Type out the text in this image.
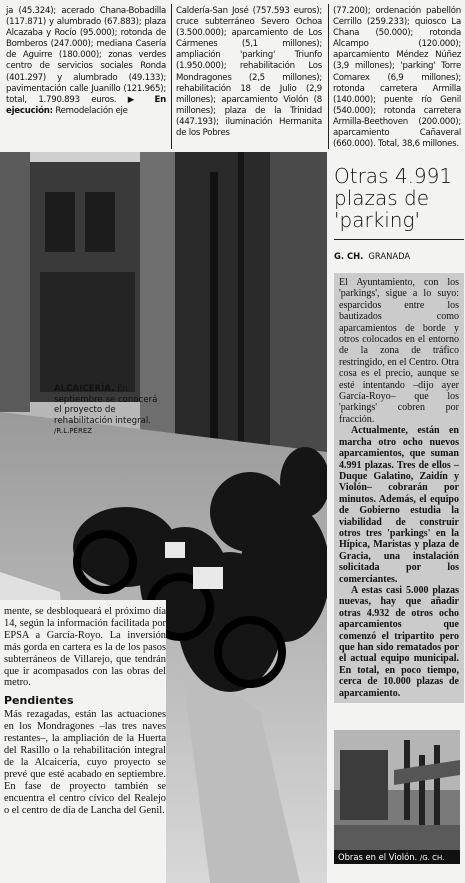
ja (45.324); acerado Chana-Bobadilla (117.871) y alumbrado (67.883); plaza Alcazaba y Rocío (95.000); rotonda de Bomberos (247.000); mediana Casería de Aguirre (180.000); zonas verdes centro de servicios sociales Ronda (401.297) y alumbrado (49.133); pavimentación calle Juanillo (121.965); total, 1.790.893 euros. ▶ En ejecución: Remodelación eje
Caldería-San José (757.593 euros); cruce subterráneo Severo Ochoa (3.500.000); aparcamiento de Los Cármenes (5,1 millones); ampliación 'parking' Triunfo (1.950.000); rehabilitación Los Mondragones (2,5 millones); rehabilitación 18 de Julio (2,9 millones); aparcamiento Violón (8 millones); plaza de la Trinidad (447.193); iluminación Hermanita de los Pobres
(77.200); ordenación pabellón Cerrillo (259.233); quiosco La Chana (50.000); rotonda Alcampo (120.000); aparcamiento Méndez Núñez (3,9 millones); 'parking' Torre Comarex (6,9 millones); rotonda carretera Armilla (140.000); puente río Genil (540.000); rotonda carretera Armilla-Beethoven (200.000); aparcamiento Cañaveral (660.000). Total, 38,6 millones.
ALCAICERÍA. En septiembre se conocerá el proyecto de rehabilitación integral. /R.L.PÉREZ

mente, se desbloqueará el próximo día 14, según la información facilitada por EPSA a García-Royo. La inversión más gorda en cartera es la de los pasos subterráneos de Villarejo, que tendrán que ir acompasados con las obras del metro.

Pendientes

Más rezagadas, están las actuaciones en los Mondragones –las tres naves restantes–, la ampliación de la Huerta del Rasillo o la rehabilitación integral de la Alcaicería, cuyo proyecto se prevé que esté acabado en septiembre. En fase de proyecto también se encuentra el centro cívico del Realejo o el centro de día de Lancha del Genil.

Otras 4.991 plazas de 'parking'
G. CH. GRANADA

El Ayuntamiento, con los 'parkings', sigue a lo suyo: esparcidos entre los bautizados como aparcamientos de borde y otros colocados en el entorno de la zona de tráfico restringido, en el Centro. Otra cosa es el precio, aunque se esté intentando –dijo ayer García-Royo– que los 'parkings' cobren por fracción.

Actualmente, están en marcha otro ocho nuevos aparcamientos, que suman 4.991 plazas. Tres de ellos –Duque Galatino, Zaidín y Violón– cobrarán por minutos. Además, el equipo de Gobierno estudia la viabilidad de construir otros tres 'parkings' en la Hípica, Maristas y plaza de Gracia, una instalación solicitada por los comerciantes.

A estas casi 5.000 plazas nuevas, hay que añadir otras 4.932 de otros ocho aparcamientos que comenzó el tripartito pero que han sido rematados por el actual equipo municipal. En total, en poco tiempo, cerca de 10.000 plazas de aparcamiento.

Obras en el Violón. /G. CH.
